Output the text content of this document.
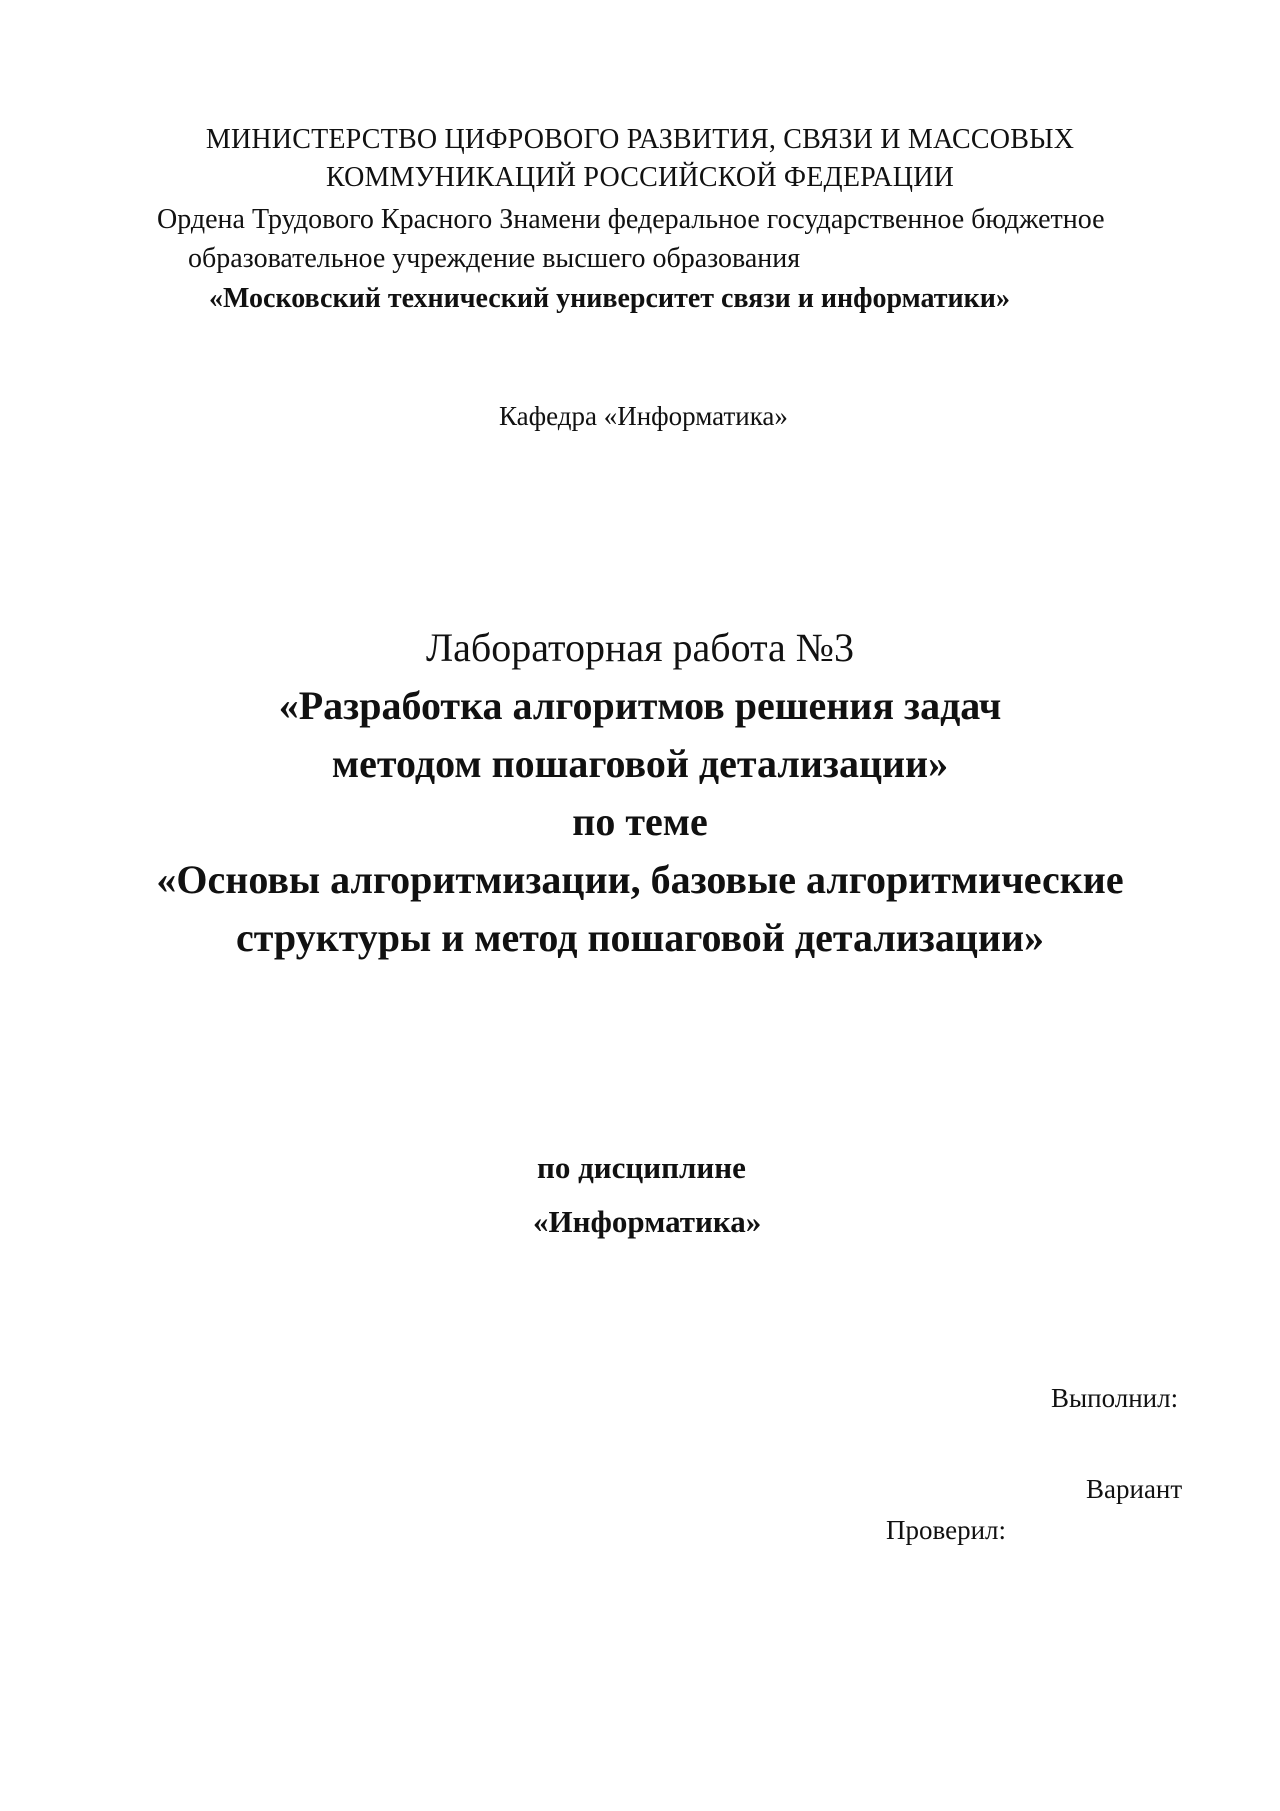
МИНИСТЕРСТВО ЦИФРОВОГО РАЗВИТИЯ, СВЯЗИ И МАССОВЫХ
КОММУНИКАЦИЙ РОССИЙСКОЙ ФЕДЕРАЦИИ
Ордена Трудового Красного Знамени федеральное государственное бюджетное
образовательное учреждение высшего образования
«Московский технический университет связи и информатики»
Кафедра «Информатика»
Лабораторная работа №3
«Разработка алгоритмов решения задач
методом пошаговой детализации»
по теме
«Основы алгоритмизации, базовые алгоритмические
структуры и метод пошаговой детализации»
по дисциплине
«Информатика»
Выполнил:
Вариант
Проверил:
